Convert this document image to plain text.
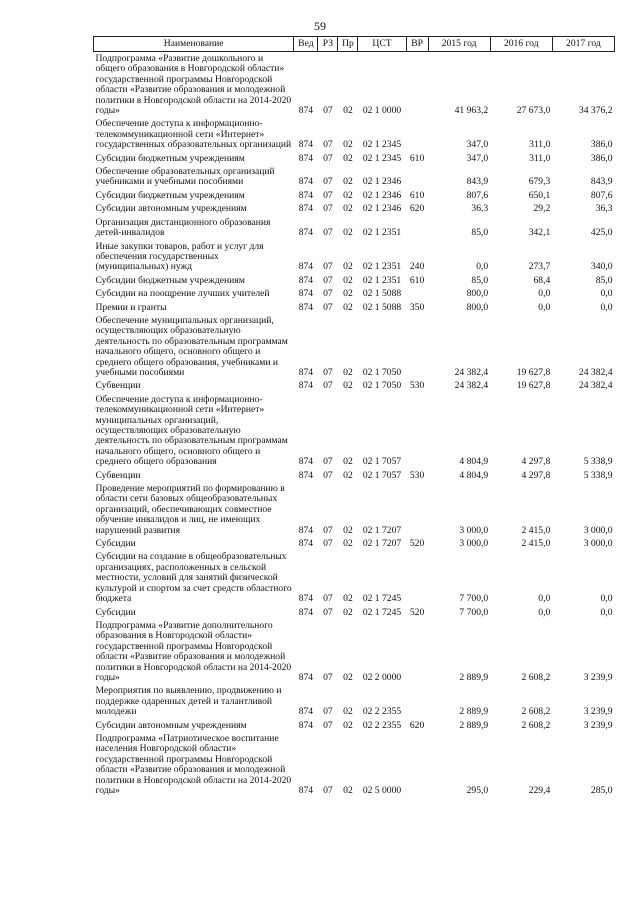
59
Наименование	Вед	РЗ	Пр	ЦСТ	ВР	2015 год	2016 год	2017 год
Подпрограмма «Развитие дошкольного и общего образования в Новгородской области» государственной программы Новгородской области «Развитие образования и молодежной политики в Новгородской области на 2014-2020 годы»	874	07	02	02 1 0000		41 963,2	27 673,0	34 376,2
Обеспечение доступа к информационно-телекоммуникационной сети «Интернет» государственных образовательных организаций	874	07	02	02 1 2345		347,0	311,0	386,0
Субсидии бюджетным учреждениям	874	07	02	02 1 2345	610	347,0	311,0	386,0
Обеспечение образовательных организаций учебниками и учебными пособиями	874	07	02	02 1 2346		843,9	679,3	843,9
Субсидии бюджетным учреждениям	874	07	02	02 1 2346	610	807,6	650,1	807,6
Субсидии автономным учреждениям	874	07	02	02 1 2346	620	36,3	29,2	36,3
Организация дистанционного образования детей-инвалидов	874	07	02	02 1 2351		85,0	342,1	425,0
Иные закупки товаров, работ и услуг для обеспечения государственных (муниципальных) нужд	874	07	02	02 1 2351	240	0,0	273,7	340,0
Субсидии бюджетным учреждениям	874	07	02	02 1 2351	610	85,0	68,4	85,0
Субсидии на поощрение лучших учителей	874	07	02	02 1 5088		800,0	0,0	0,0
Премии и гранты	874	07	02	02 1 5088	350	800,0	0,0	0,0
Обеспечение муниципальных организаций, осуществляющих образовательную деятельность по образовательным программам начального общего, основного общего и среднего общего образования, учебниками и учебными пособиями	874	07	02	02 1 7050		24 382,4	19 627,8	24 382,4
Субвенции	874	07	02	02 1 7050	530	24 382,4	19 627,8	24 382,4
Обеспечение доступа к информационно-телекоммуникационной сети «Интернет» муниципальных организаций, осуществляющих образовательную деятельность по образовательным программам начального общего, основного общего и среднего общего образования	874	07	02	02 1 7057		4 804,9	4 297,8	5 338,9
Субвенции	874	07	02	02 1 7057	530	4 804,9	4 297,8	5 338,9
Проведение мероприятий по формированию в области сети базовых общеобразовательных организаций, обеспечивающих совместное обучение инвалидов и лиц, не имеющих нарушений развития	874	07	02	02 1 7207		3 000,0	2 415,0	3 000,0
Субсидии	874	07	02	02 1 7207	520	3 000,0	2 415,0	3 000,0
Субсидии на создание в общеобразовательных организациях, расположенных в сельской местности, условий для занятий физической культурой и спортом за счет средств областного бюджета	874	07	02	02 1 7245		7 700,0	0,0	0,0
Субсидии	874	07	02	02 1 7245	520	7 700,0	0,0	0,0
Подпрограмма «Развитие дополнительного образования в Новгородской области» государственной программы Новгородской области «Развитие образования и молодежной политики в Новгородской области на 2014-2020 годы»	874	07	02	02 2 0000		2 889,9	2 608,2	3 239,9
Мероприятия по выявлению, продвижению и поддержке одаренных детей и талантливой молодежи	874	07	02	02 2 2355		2 889,9	2 608,2	3 239,9
Субсидии автономным учреждениям	874	07	02	02 2 2355	620	2 889,9	2 608,2	3 239,9
Подпрограмма «Патриотическое воспитание населения Новгородской области» государственной программы Новгородской области «Развитие образования и молодежной политики в Новгородской области на 2014-2020 годы»	874	07	02	02 5 0000		295,0	229,4	285,0
